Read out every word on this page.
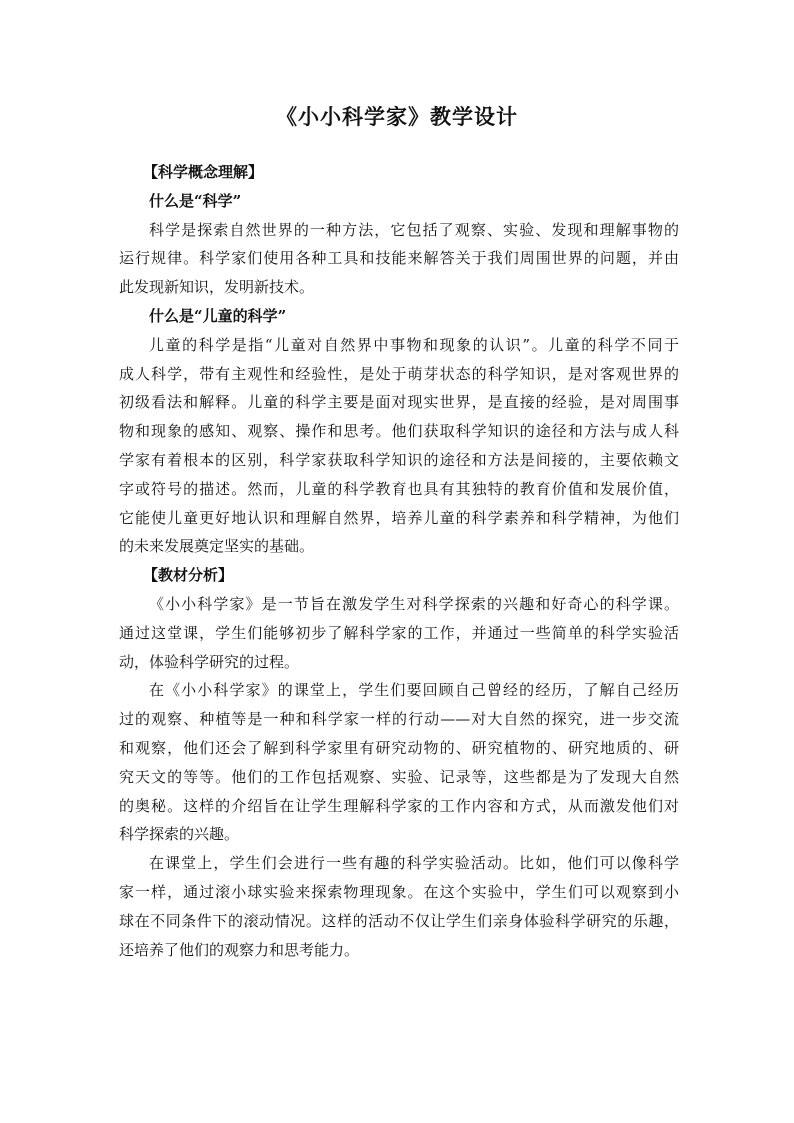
《小小科学家》教学设计
【科学概念理解】
什么是“科学”
科学是探索自然世界的一种方法，它包括了观察、实验、发现和理解事物的
运行规律。科学家们使用各种工具和技能来解答关于我们周围世界的问题，并由
此发现新知识，发明新技术。
什么是“儿童的科学”
儿童的科学是指“儿童对自然界中事物和现象的认识”。儿童的科学不同于
成人科学，带有主观性和经验性，是处于萌芽状态的科学知识，是对客观世界的
初级看法和解释。儿童的科学主要是面对现实世界，是直接的经验，是对周围事
物和现象的感知、观察、操作和思考。他们获取科学知识的途径和方法与成人科
学家有着根本的区别，科学家获取科学知识的途径和方法是间接的，主要依赖文
字或符号的描述。然而，儿童的科学教育也具有其独特的教育价值和发展价值，
它能使儿童更好地认识和理解自然界，培养儿童的科学素养和科学精神，为他们
的未来发展奠定坚实的基础。
【教材分析】
《小小科学家》是一节旨在激发学生对科学探索的兴趣和好奇心的科学课。
通过这堂课，学生们能够初步了解科学家的工作，并通过一些简单的科学实验活
动，体验科学研究的过程。
在《小小科学家》的课堂上，学生们要回顾自己曾经的经历，了解自己经历
过的观察、种植等是一种和科学家一样的行动——对大自然的探究，进一步交流
和观察，他们还会了解到科学家里有研究动物的、研究植物的、研究地质的、研
究天文的等等。他们的工作包括观察、实验、记录等，这些都是为了发现大自然
的奥秘。这样的介绍旨在让学生理解科学家的工作内容和方式，从而激发他们对
科学探索的兴趣。
在课堂上，学生们会进行一些有趣的科学实验活动。比如，他们可以像科学
家一样，通过滚小球实验来探索物理现象。在这个实验中，学生们可以观察到小
球在不同条件下的滚动情况。这样的活动不仅让学生们亲身体验科学研究的乐趣，
还培养了他们的观察力和思考能力。
